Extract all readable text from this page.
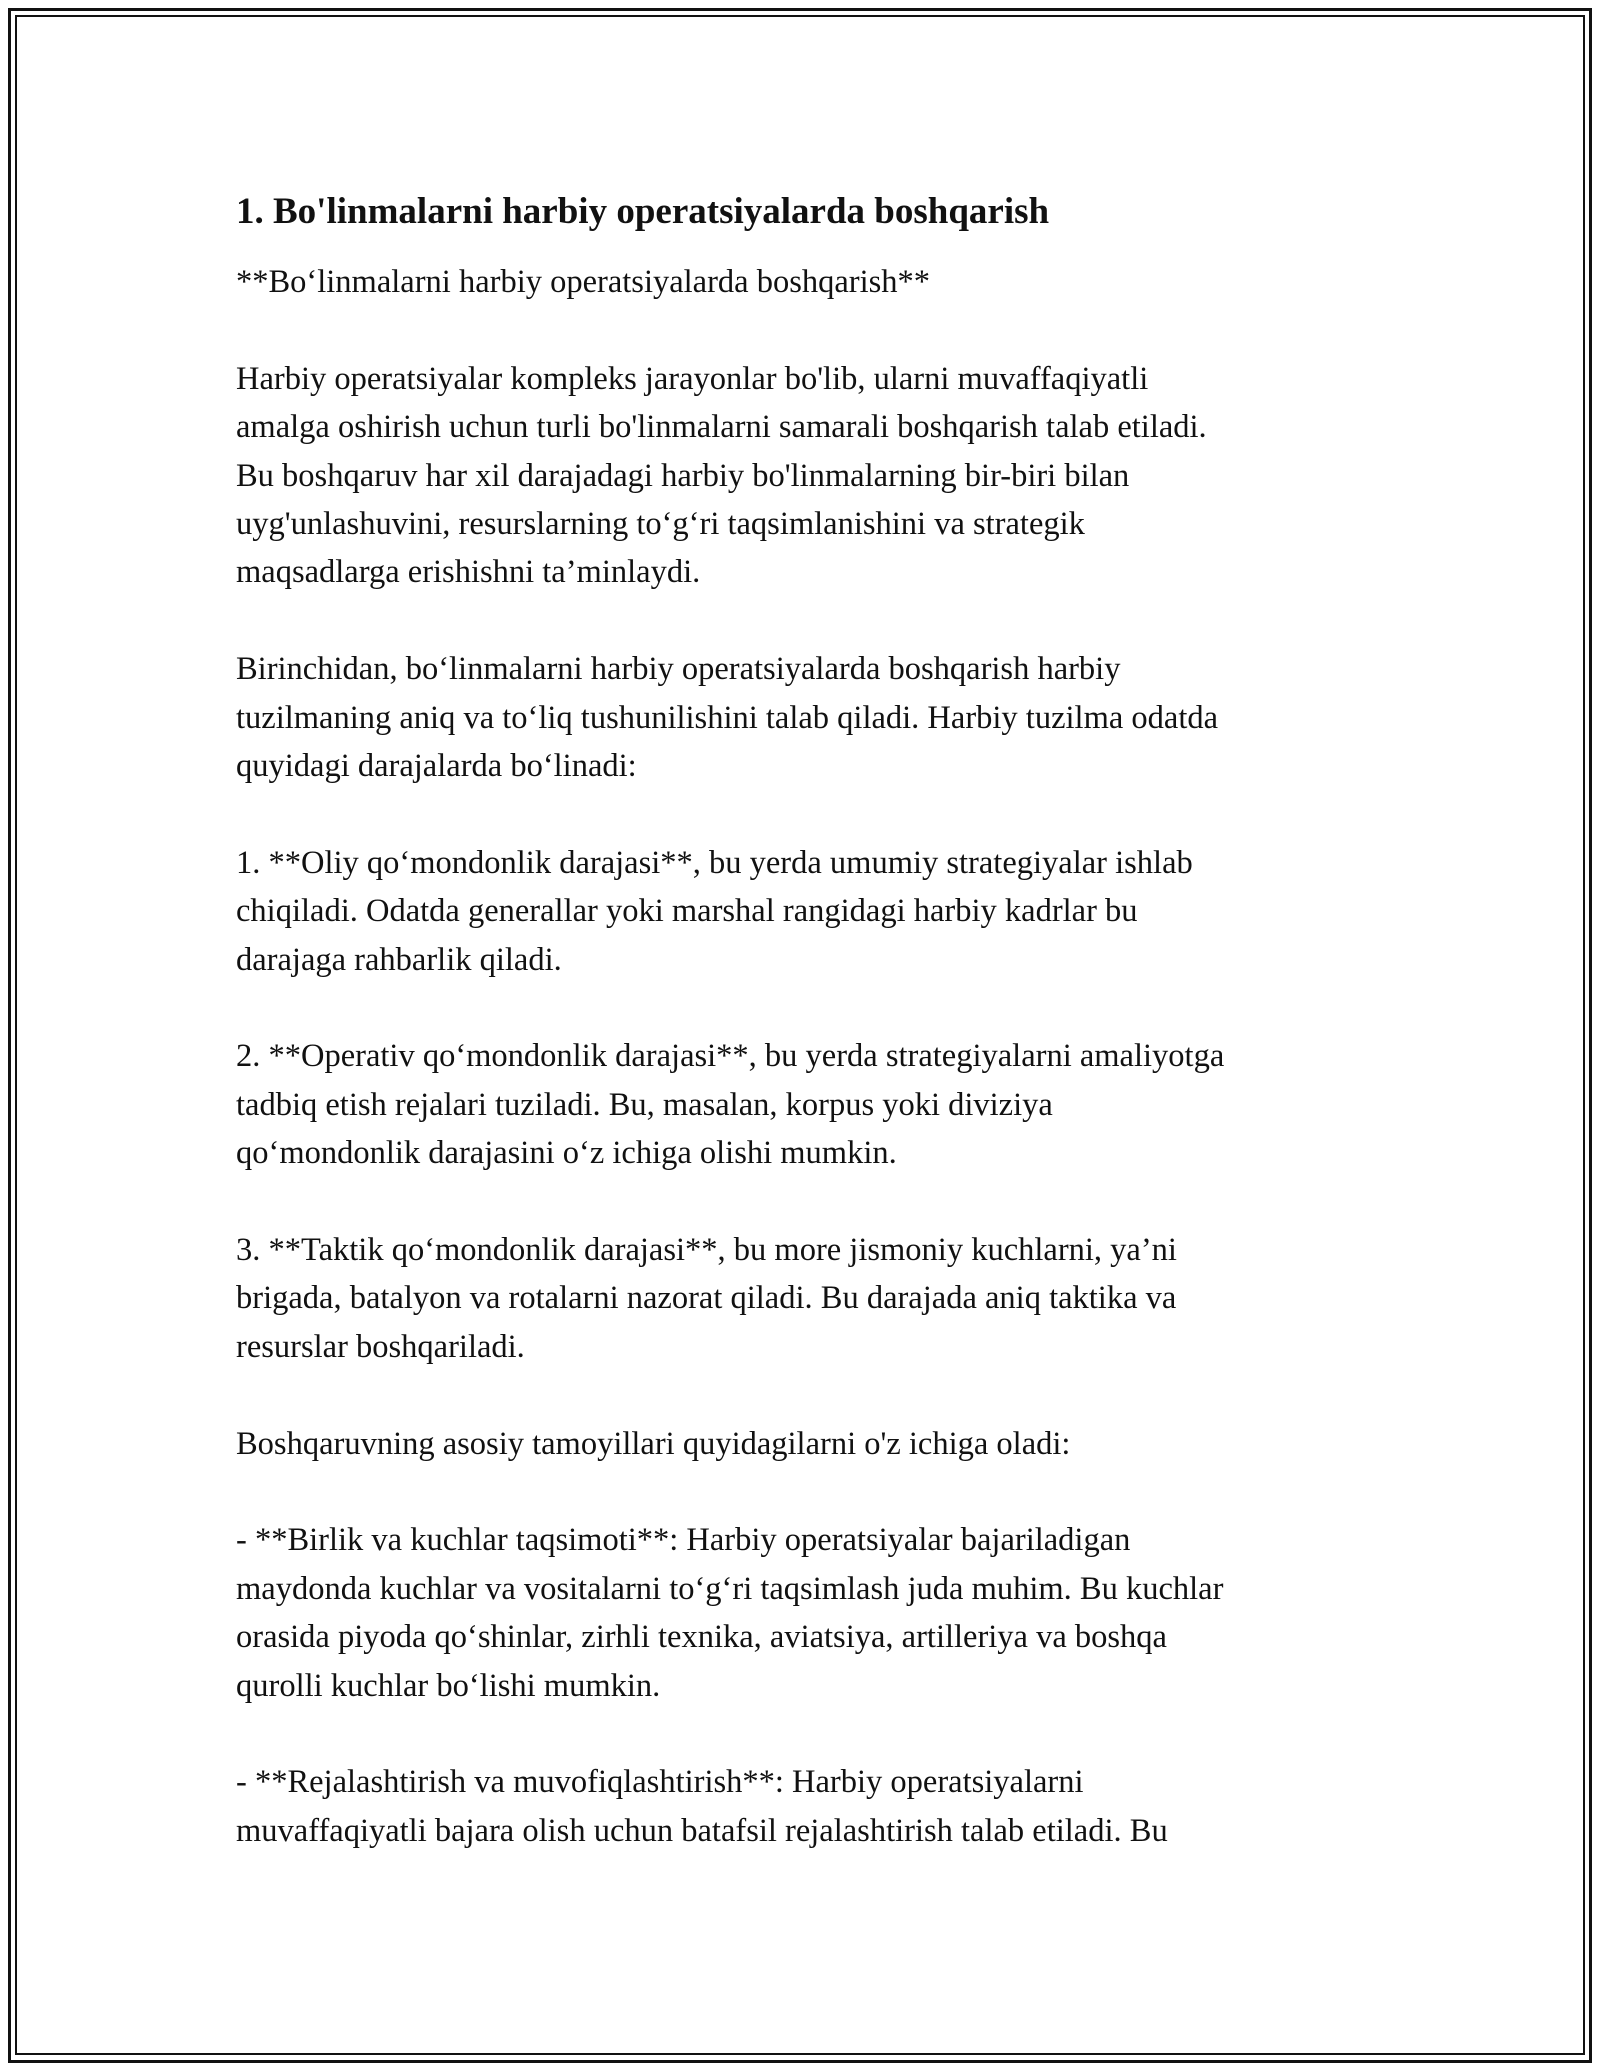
1. Bo'linmalarni harbiy operatsiyalarda boshqarish

**Bo‘linmalarni harbiy operatsiyalarda boshqarish**

Harbiy operatsiyalar kompleks jarayonlar bo'lib, ularni muvaffaqiyatli
amalga oshirish uchun turli bo'linmalarni samarali boshqarish talab etiladi.
Bu boshqaruv har xil darajadagi harbiy bo'linmalarning bir-biri bilan
uyg'unlashuvini, resurslarning to‘g‘ri taqsimlanishini va strategik
maqsadlarga erishishni ta’minlaydi.

Birinchidan, bo‘linmalarni harbiy operatsiyalarda boshqarish harbiy
tuzilmaning aniq va to‘liq tushunilishini talab qiladi. Harbiy tuzilma odatda
quyidagi darajalarda bo‘linadi:

1. **Oliy qo‘mondonlik darajasi**, bu yerda umumiy strategiyalar ishlab
chiqiladi. Odatda generallar yoki marshal rangidagi harbiy kadrlar bu
darajaga rahbarlik qiladi.

2. **Operativ qo‘mondonlik darajasi**, bu yerda strategiyalarni amaliyotga
tadbiq etish rejalari tuziladi. Bu, masalan, korpus yoki diviziya
qo‘mondonlik darajasini o‘z ichiga olishi mumkin.

3. **Taktik qo‘mondonlik darajasi**, bu more jismoniy kuchlarni, ya’ni
brigada, batalyon va rotalarni nazorat qiladi. Bu darajada aniq taktika va
resurslar boshqariladi.

Boshqaruvning asosiy tamoyillari quyidagilarni o'z ichiga oladi:

- **Birlik va kuchlar taqsimoti**: Harbiy operatsiyalar bajariladigan
maydonda kuchlar va vositalarni to‘g‘ri taqsimlash juda muhim. Bu kuchlar
orasida piyoda qo‘shinlar, zirhli texnika, aviatsiya, artilleriya va boshqa
qurolli kuchlar bo‘lishi mumkin.

- **Rejalashtirish va muvofiqlashtirish**: Harbiy operatsiyalarni
muvaffaqiyatli bajara olish uchun batafsil rejalashtirish talab etiladi. Bu
